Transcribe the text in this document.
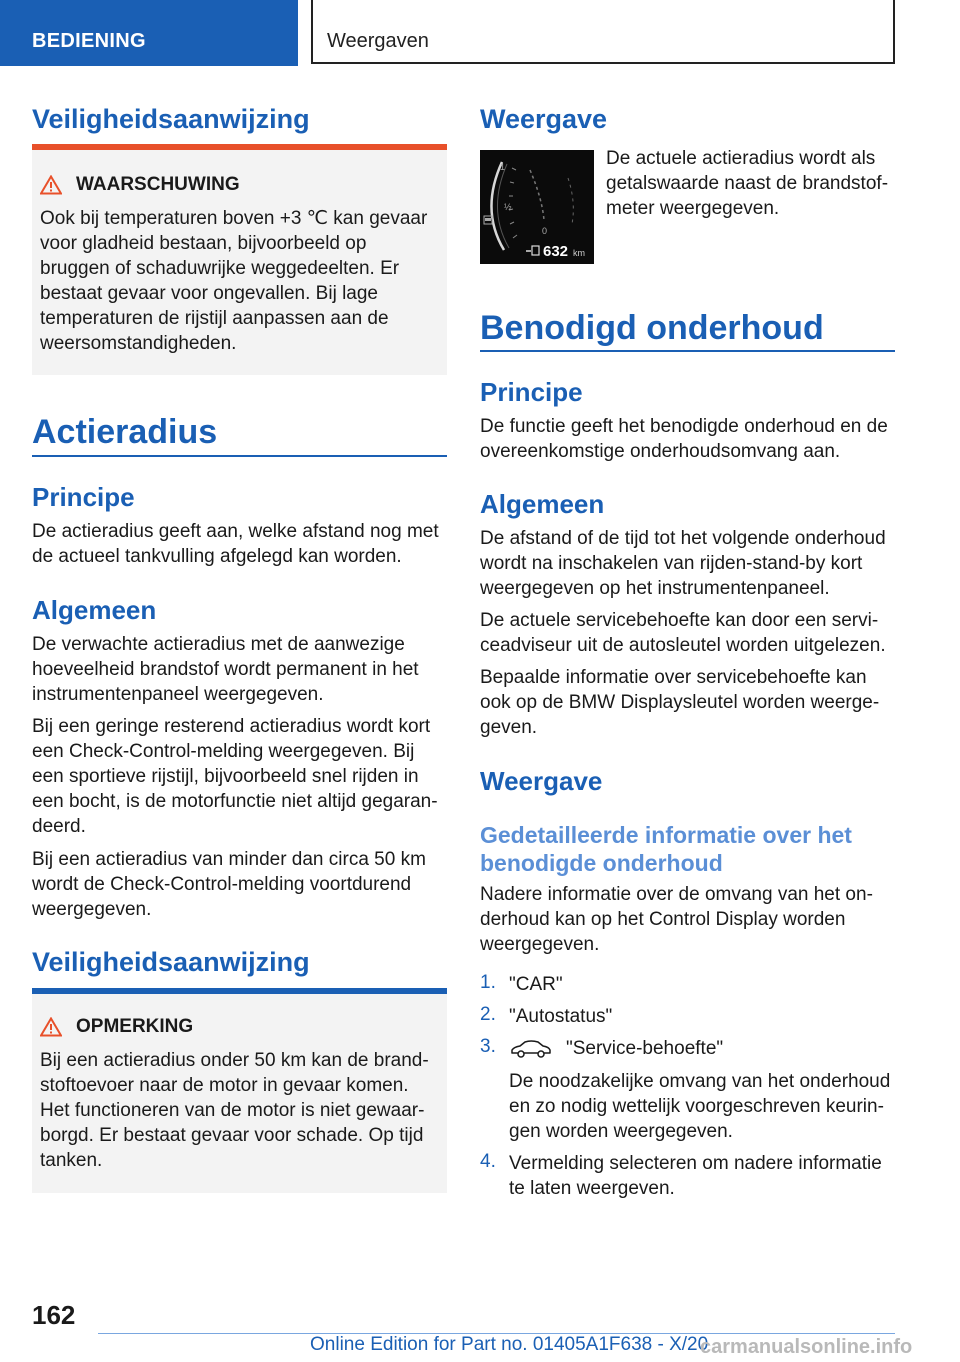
BEDIENING	Weergaven
Veiligheidsaanwijzing
WAARSCHUWING

Ook bij temperaturen boven +3 ℃ kan gevaar voor gladheid bestaan, bijvoorbeeld op bruggen of schaduwrijke weggedeelten. Er bestaat gevaar voor ongevallen. Bij lage temperaturen de rijstijl aanpassen aan de weersomstandigheden.

Actieradius
Principe

De actieradius geeft aan, welke afstand nog met de actueel tankvulling afgelegd kan worden.

Algemeen

De verwachte actieradius met de aanwezige hoeveelheid brandstof wordt permanent in het instrumentenpaneel weergegeven.

Bij een geringe resterend actieradius wordt kort een Check-Control-melding weergegeven. Bij een sportieve rijstijl, bijvoorbeeld snel rijden in een bocht, is de motorfunctie niet altijd gegarandeerd.

Bij een actieradius van minder dan circa 50 km wordt de Check-Control-melding voortdurend weergegeven.

Veiligheidsaanwijzing
OPMERKING

Bij een actieradius onder 50 km kan de brandstoftoevoer naar de motor in gevaar komen. Het functioneren van de motor is niet gewaarborgd. Er bestaat gevaar voor schade. Op tijd tanken.

Weergave
1
½
0
632 km

De actuele actieradius wordt als getalswaarde naast de brandstofmeter weergegeven.

Benodigd onderhoud
Principe

De functie geeft het benodigde onderhoud en de overeenkomstige onderhoudsomvang aan.

Algemeen

De afstand of de tijd tot het volgende onderhoud wordt na inschakelen van rijden-stand-by kort weergegeven op het instrumentenpaneel.

De actuele servicebehoefte kan door een serviceadviseur uit de autosleutel worden uitgelezen.

Bepaalde informatie over servicebehoefte kan ook op de BMW Displaysleutel worden weergegeven.

Weergave
Gedetailleerde informatie over het benodigde onderhoud

Nadere informatie over de omvang van het onderhoud kan op het Control Display worden weergegeven.

1. "CAR"
2. "Autostatus"
3.	"Service-behoefte"
De noodzakelijke omvang van het onderhoud en zo nodig wettelijk voorgeschreven keuringen worden weergegeven.
4. Vermelding selecteren om nadere informatie te laten weergeven.
162
Online Edition for Part no. 01405A1F638 - X/20
carmanualsonline.info
